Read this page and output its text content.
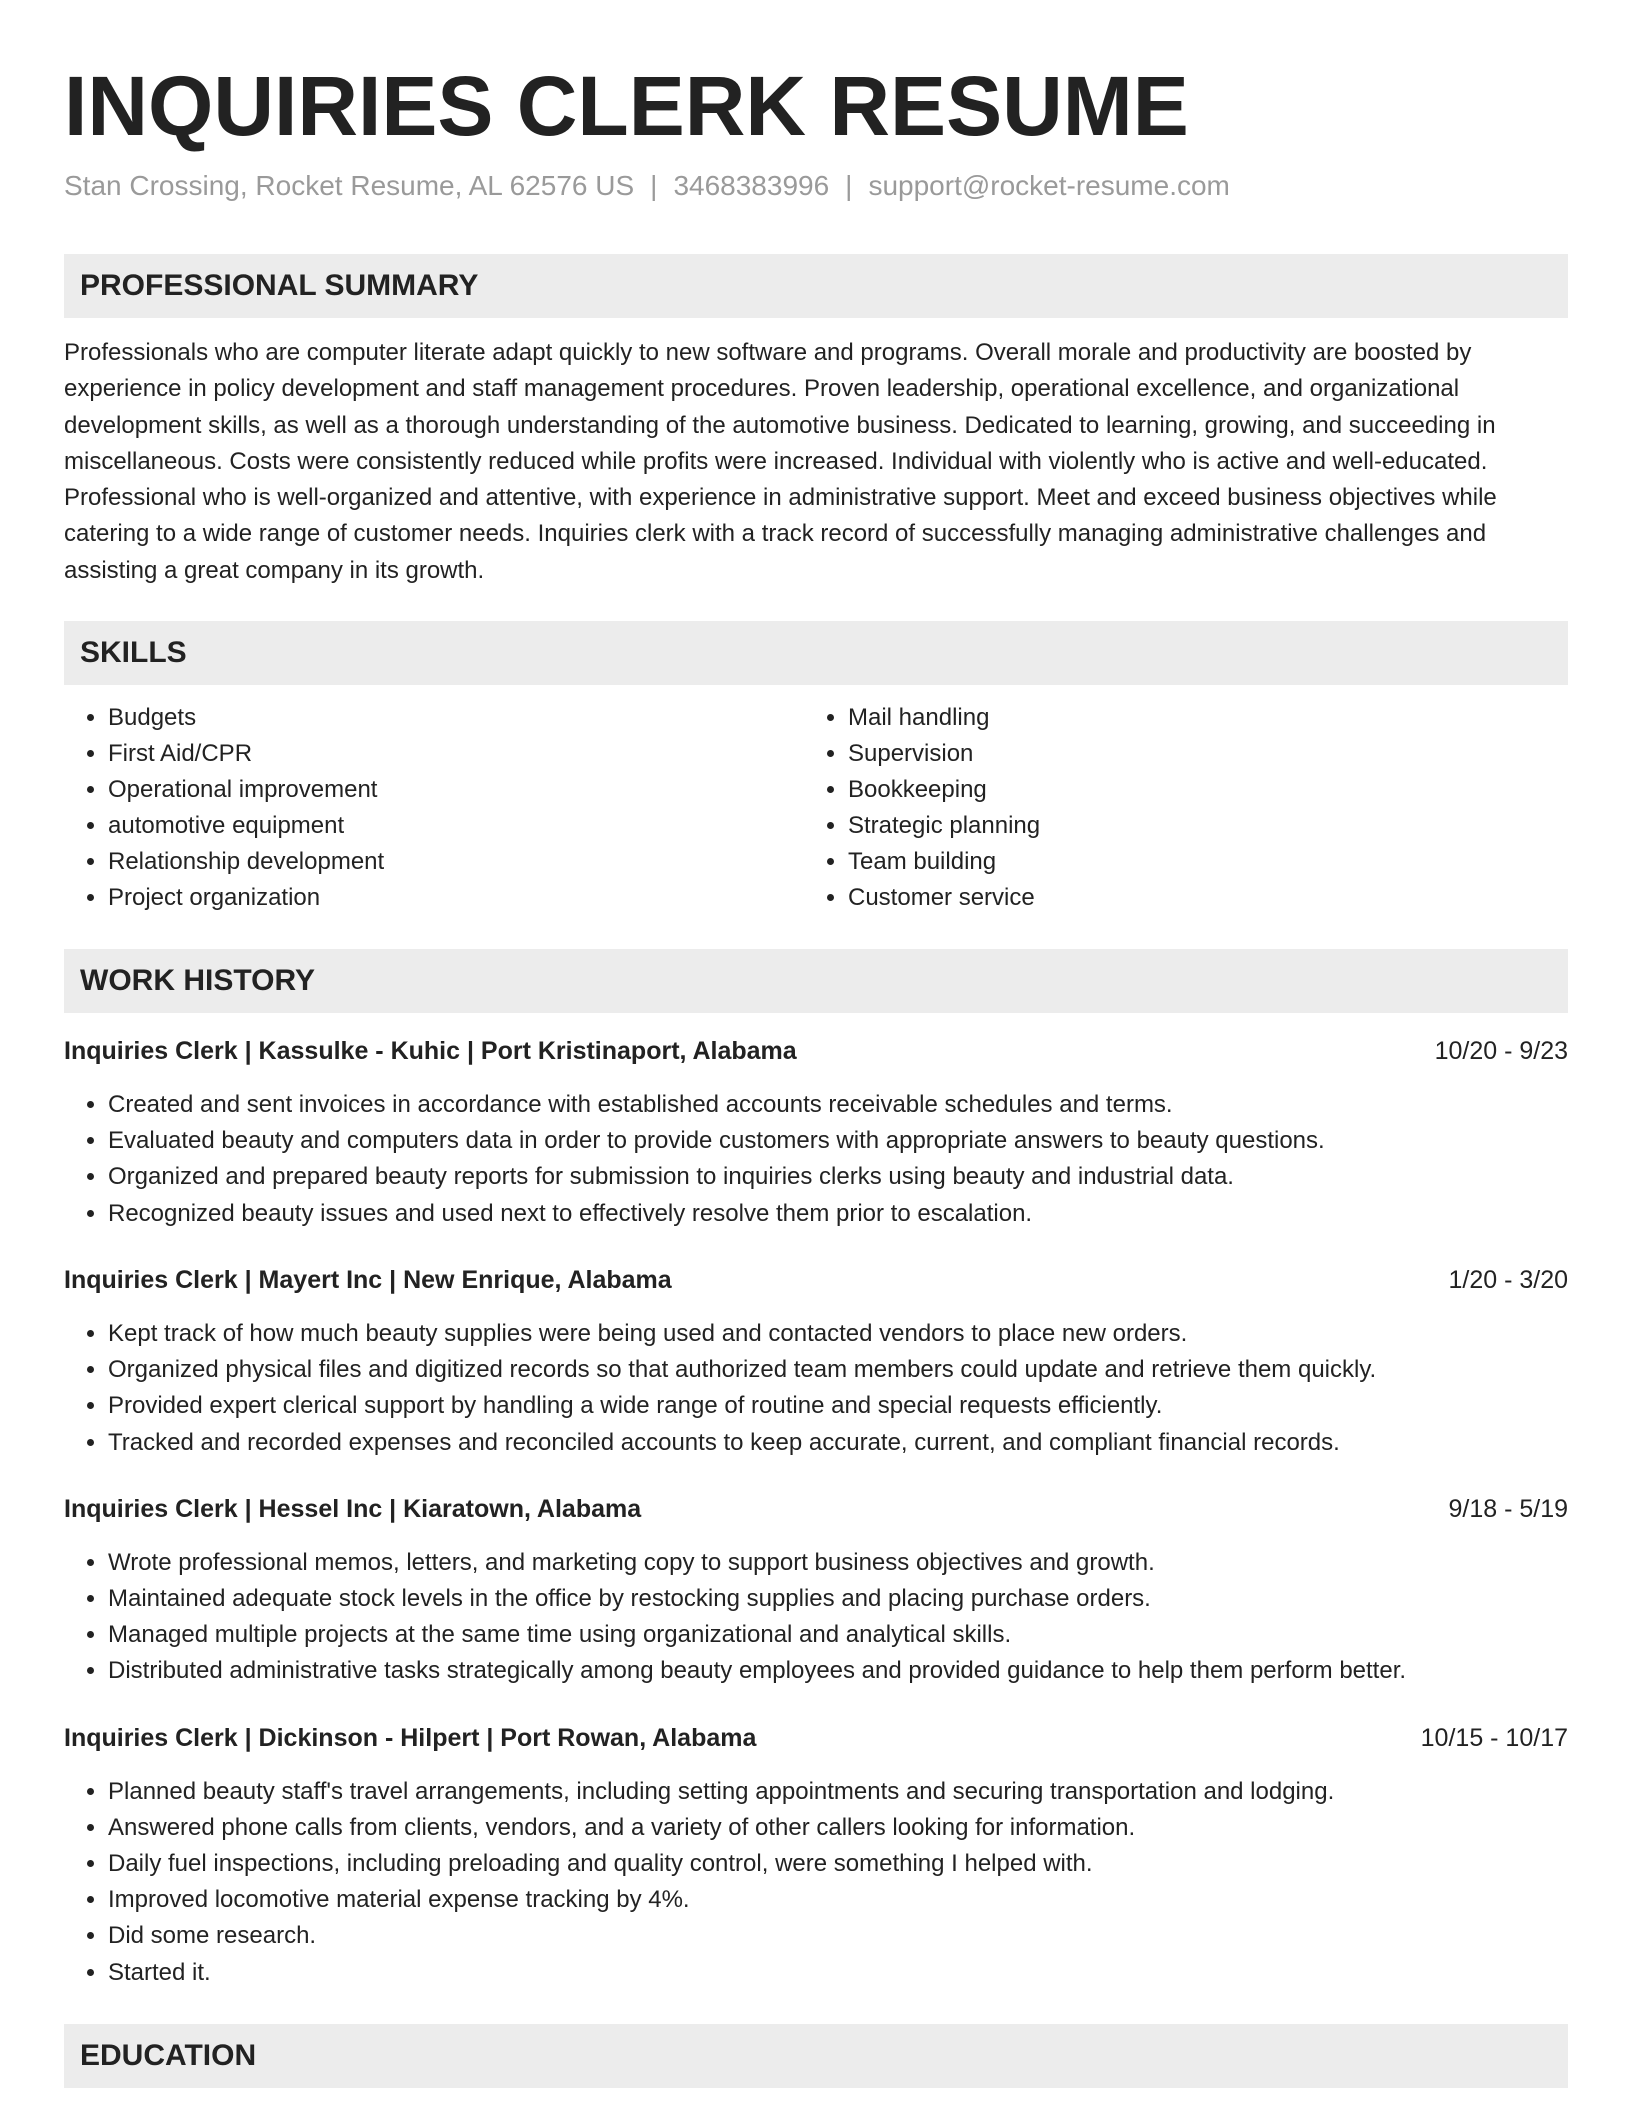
INQUIRIES CLERK RESUME
Stan Crossing, Rocket Resume, AL 62576 US | 3468383996 | support@rocket-resume.com
PROFESSIONAL SUMMARY

Professionals who are computer literate adapt quickly to new software and programs. Overall morale and productivity are boosted by experience in policy development and staff management procedures. Proven leadership, operational excellence, and organizational development skills, as well as a thorough understanding of the automotive business. Dedicated to learning, growing, and succeeding in miscellaneous. Costs were consistently reduced while profits were increased. Individual with violently who is active and well-educated. Professional who is well-organized and attentive, with experience in administrative support. Meet and exceed business objectives while catering to a wide range of customer needs. Inquiries clerk with a track record of successfully managing administrative challenges and assisting a great company in its growth.

SKILLS
• Budgets
• First Aid/CPR
• Operational improvement
• automotive equipment
• Relationship development
• Project organization
• Mail handling
• Supervision
• Bookkeeping
• Strategic planning
• Team building
• Customer service
WORK HISTORY
Inquiries Clerk | Kassulke - Kuhic | Port Kristinaport, Alabama	10/20 - 9/23
• Created and sent invoices in accordance with established accounts receivable schedules and terms.
• Evaluated beauty and computers data in order to provide customers with appropriate answers to beauty questions.
• Organized and prepared beauty reports for submission to inquiries clerks using beauty and industrial data.
• Recognized beauty issues and used next to effectively resolve them prior to escalation.
Inquiries Clerk | Mayert Inc | New Enrique, Alabama	1/20 - 3/20
• Kept track of how much beauty supplies were being used and contacted vendors to place new orders.
• Organized physical files and digitized records so that authorized team members could update and retrieve them quickly.
• Provided expert clerical support by handling a wide range of routine and special requests efficiently.
• Tracked and recorded expenses and reconciled accounts to keep accurate, current, and compliant financial records.
Inquiries Clerk | Hessel Inc | Kiaratown, Alabama	9/18 - 5/19
• Wrote professional memos, letters, and marketing copy to support business objectives and growth.
• Maintained adequate stock levels in the office by restocking supplies and placing purchase orders.
• Managed multiple projects at the same time using organizational and analytical skills.
• Distributed administrative tasks strategically among beauty employees and provided guidance to help them perform better.
Inquiries Clerk | Dickinson - Hilpert | Port Rowan, Alabama	10/15 - 10/17
• Planned beauty staff's travel arrangements, including setting appointments and securing transportation and lodging.
• Answered phone calls from clients, vendors, and a variety of other callers looking for information.
• Daily fuel inspections, including preloading and quality control, were something I helped with.
• Improved locomotive material expense tracking by 4%.
• Did some research.
• Started it.
EDUCATION
